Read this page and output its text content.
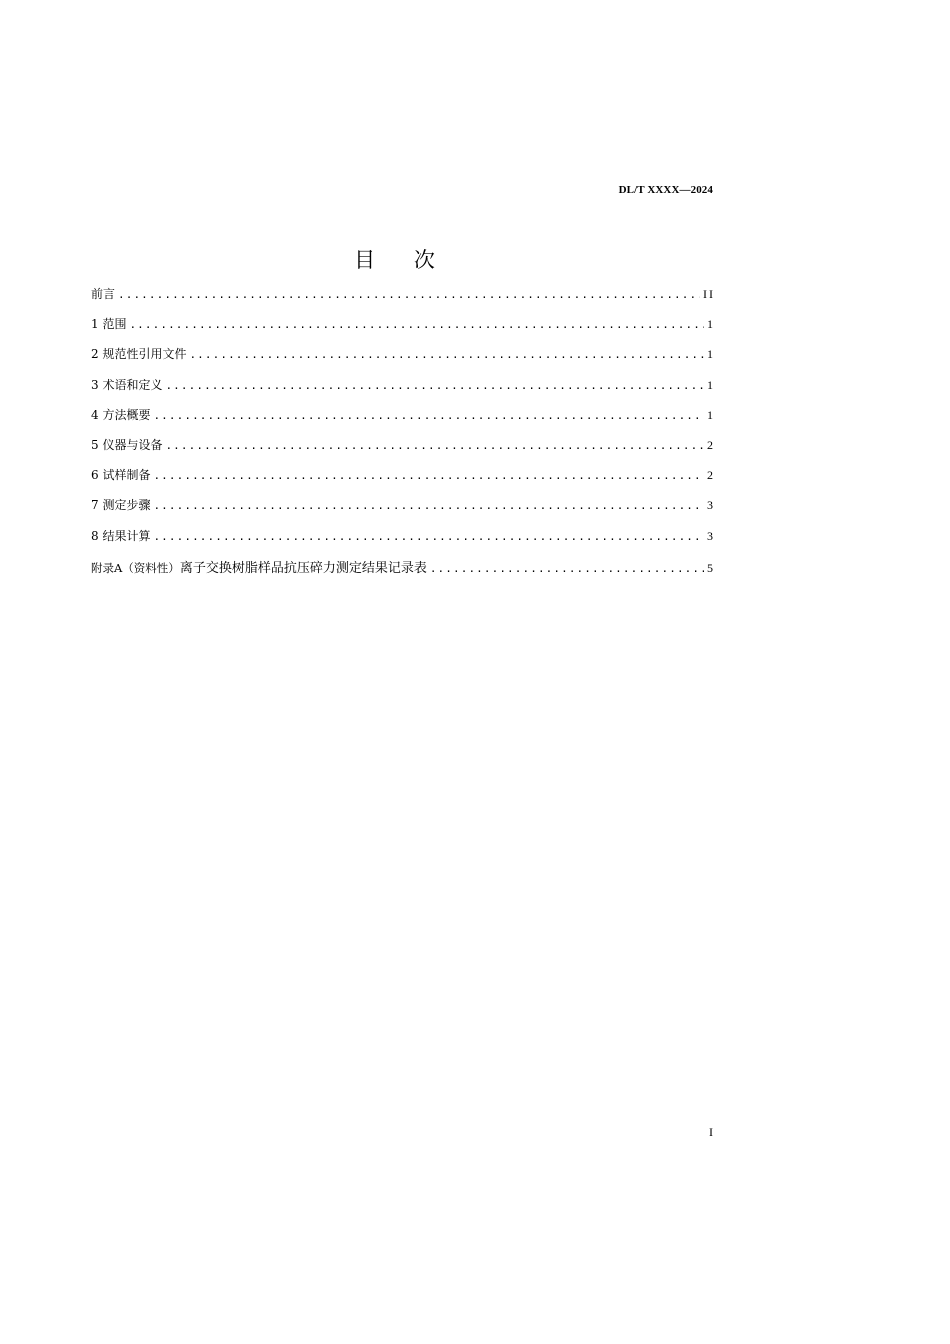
DL/T XXXX—2024
目 次
前言 .....	II
1 范围 .....	1
2 规范性引用文件 .....	1
3 术语和定义 .....	1
4 方法概要 .....	1
5 仪器与设备 .....	2
6 试样制备 .....	2
7 测定步骤 .....	3
8 结果计算 .....	3
附录A（资料性）离子交换树脂样品抗压碎力测定结果记录表 .....	5
I
